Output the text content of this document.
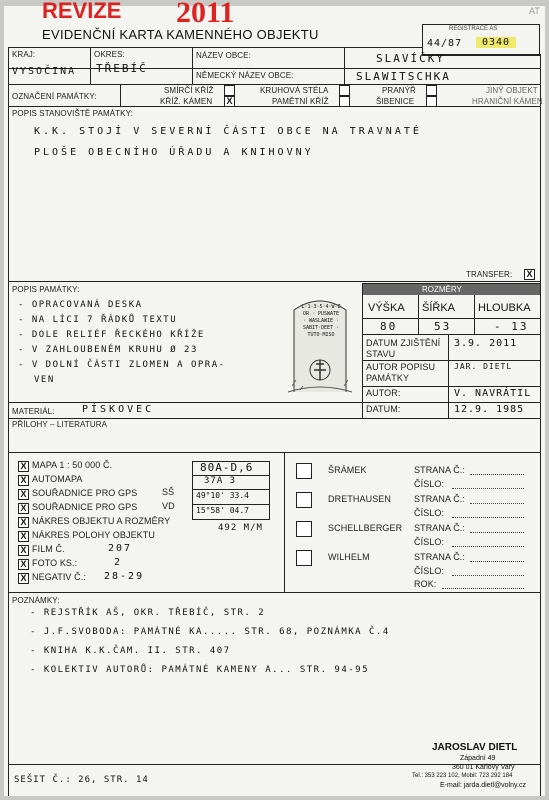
REVIZE 2011	AT
EVIDENČNÍ KARTA KAMENNÉHO OBJEKTU	REGISTRACE AŠ
44/87	0340
KRAJ:
VYSOČINA
OKRES:
TŘEBÍČ
NÁZEV OBCE:	SLAVÍČKY
NĚMECKÝ NÁZEV OBCE:	SLAWITSCHKA
OZNAČENÍ PAMÁTKY:
SMÍRČÍ KŘÍŽ
KŘÍŽ. KÁMEN X
KRUHOVÁ STÉLA
PAMĚTNÍ KŘÍŽ
PRANÝŘ
ŠIBENICE
JINÝ OBJEKT
HRANIČNÍ KÁMEN
POPIS STANOVIŠTĚ PAMÁTKY:
K.K. STOJÍ V SEVERNÍ ČÁSTI OBCE NA TRAVNATÉ
PLOŠE OBECNÍHO ÚŘADU A KNIHOVNY
TRANSFER: X
POPIS PAMÁTKY:
- OPRACOVANÁ DESKA
- NA LÍCI 7 ŘÁDKŮ TEXTU
- DOLE RELIÉF ŘECKÉHO KŘÍŽE
- V ZAHLOUBENÉM KRUHU Ø 23
- V DOLNÍ ČÁSTI ZLOMEN A OPRA-
VEN
L·1·3·5·4·W·ZOR · PUSWATE · WASLAWIE · SABIT·DEET · TUTO·MISO
ROZMĚRY
VÝŠKA ŠÍŘKA HLOUBKA
80	53	- 13
DATUM ZJIŠTĚNÍ STAVU
3.9. 2011
AUTOR POPISU PAMÁTKY
JAR. DIETL
AUTOR:	V. NAVRÁTIL
DATUM:	12.9. 1985
MATERIÁL:	PÍSKOVEC
PŘÍLOHY – LITERATURA
X MAPA 1 : 50 000 Č.
X AUTOMAPA
X SOUŘADNICE PRO GPS	SŠ
X SOUŘADNICE PRO GPS	VD
X NÁKRES OBJEKTU A ROZMĚRY
X NÁKRES POLOHY OBJEKTU
X FILM Č.	207
X FOTO KS.:	2
X NEGATIV Č.: 28-29
80A-D,6
37A 3
49°10' 33.4
15°58' 04.7
492 M/M
ŠRÁMEK	STRANA Č.:
ČÍSLO:
DRETHAUSEN	STRANA Č.:
ČÍSLO:
SCHELLBERGER STRANA Č.:
ČÍSLO:
WILHELM	STRANA Č.:
ČÍSLO:
ROK:
POZNÁMKY:
- REJSTŘÍK AŠ, OKR. TŘEBÍČ, STR. 2
- J.F.SVOBODA: PAMÁTNÉ KA..... STR. 68, POZNÁMKA Č.4
- KNIHA K.K.ČAM. II. STR. 407
- KOLEKTIV AUTORŮ: PAMÁTNÉ KAMENY A... STR. 94-95
SEŠIT Č.: 26, STR. 14
JAROSLAV DIETL
Západní 49
360 01 Karlovy Vary
Tel.: 353 223 102, Mobil: 723 292 184
E-mail: jarda.dietl@volny.cz
